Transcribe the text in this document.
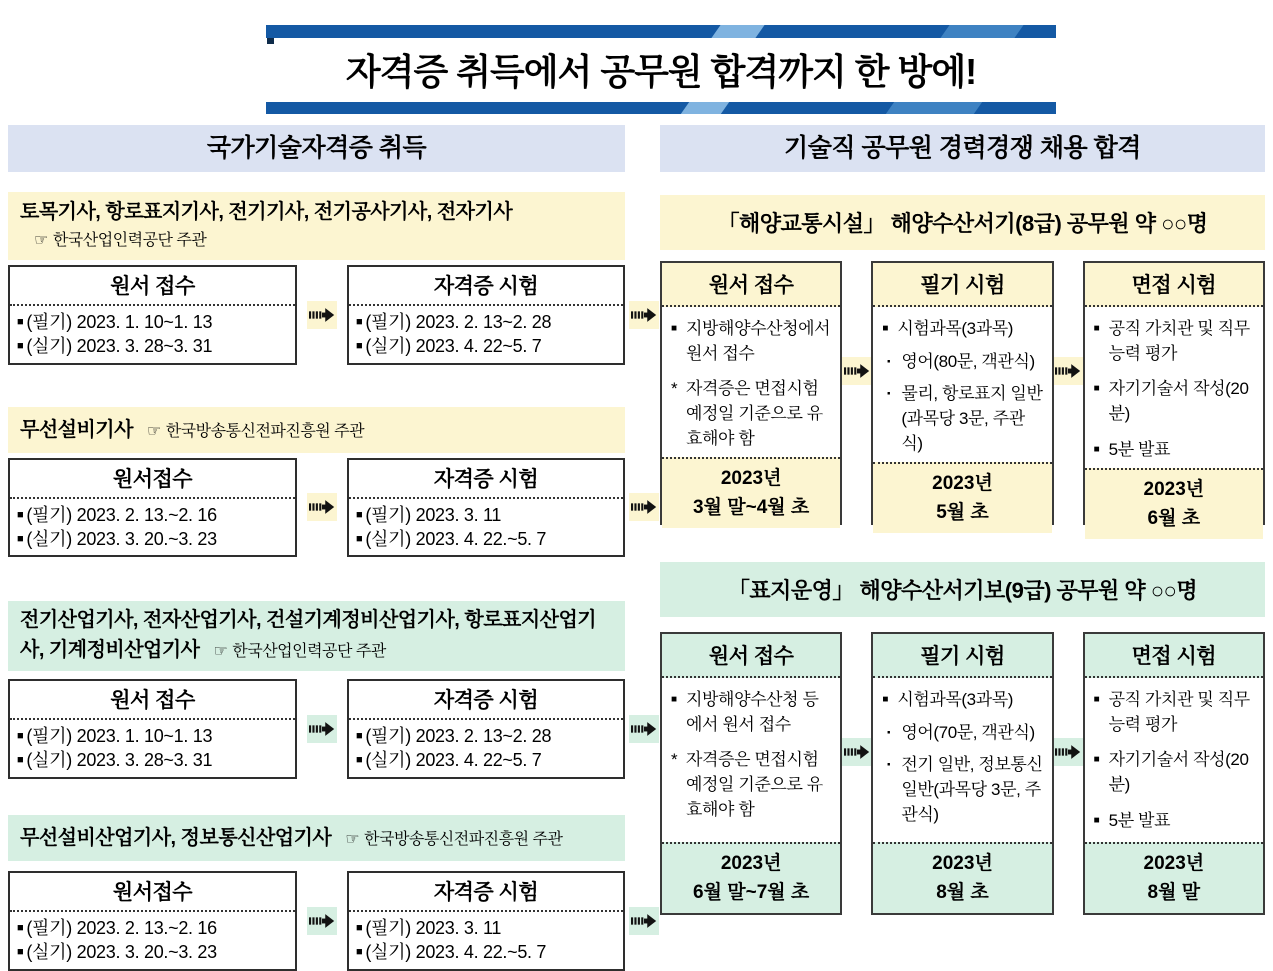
자격증 취득에서 공무원 합격까지 한 방에!
국가기술자격증 취득
토목기사, 항로표지기사, 전기기사, 전기공사기사, 전자기사
☞ 한국산업인력공단 주관
원서 접수
■ (필기) 2023. 1. 10~1. 13
■ (실기) 2023. 3. 28~3. 31
자격증 시험
■ (필기) 2023. 2. 13~2. 28
■ (실기) 2023. 4. 22~5. 7
무선설비기사 ☞ 한국방송통신전파진흥원 주관
원서접수
■ (필기) 2023. 2. 13.~2. 16
■ (실기) 2023. 3. 20.~3. 23
자격증 시험
■ (필기) 2023. 3. 11
■ (실기) 2023. 4. 22.~5. 7
전기산업기사, 전자산업기사, 건설기계정비산업기사, 항로표지산업기사, 기계정비산업기사 ☞ 한국산업인력공단 주관
원서 접수
■ (필기) 2023. 1. 10~1. 13
■ (실기) 2023. 3. 28~3. 31
자격증 시험
■ (필기) 2023. 2. 13~2. 28
■ (실기) 2023. 4. 22~5. 7
무선설비산업기사, 정보통신산업기사 ☞ 한국방송통신전파진흥원 주관
원서접수
■ (필기) 2023. 2. 13.~2. 16
■ (실기) 2023. 3. 20.~3. 23
자격증 시험
■ (필기) 2023. 3. 11
■ (실기) 2023. 4. 22.~5. 7
기술직 공무원 경력경쟁 채용 합격
「해양교통시설」 해양수산서기(8급) 공무원 약 ○○명
원서 접수
■ 지방해양수산청에서 원서 접수
* 자격증은 면접시험 예정일 기준으로 유효해야 함
2023년
3월 말~4월 초
필기 시험
■ 시험과목(3과목)
· 영어(80문, 객관식)
· 물리, 항로표지 일반(과목당 3문, 주관식)
2023년
5월 초
면접 시험
■ 공직 가치관 및 직무능력 평가
■ 자기기술서 작성(20분)
■ 5분 발표
2023년
6월 초
「표지운영」 해양수산서기보(9급) 공무원 약 ○○명
원서 접수
■ 지방해양수산청 등에서 원서 접수
* 자격증은 면접시험 예정일 기준으로 유효해야 함
2023년
6월 말~7월 초
필기 시험
■ 시험과목(3과목)
· 영어(70문, 객관식)
· 전기 일반, 정보통신 일반(과목당 3문, 주관식)
2023년
8월 초
면접 시험
■ 공직 가치관 및 직무능력 평가
■ 자기기술서 작성(20분)
■ 5분 발표
2023년
8월 말
